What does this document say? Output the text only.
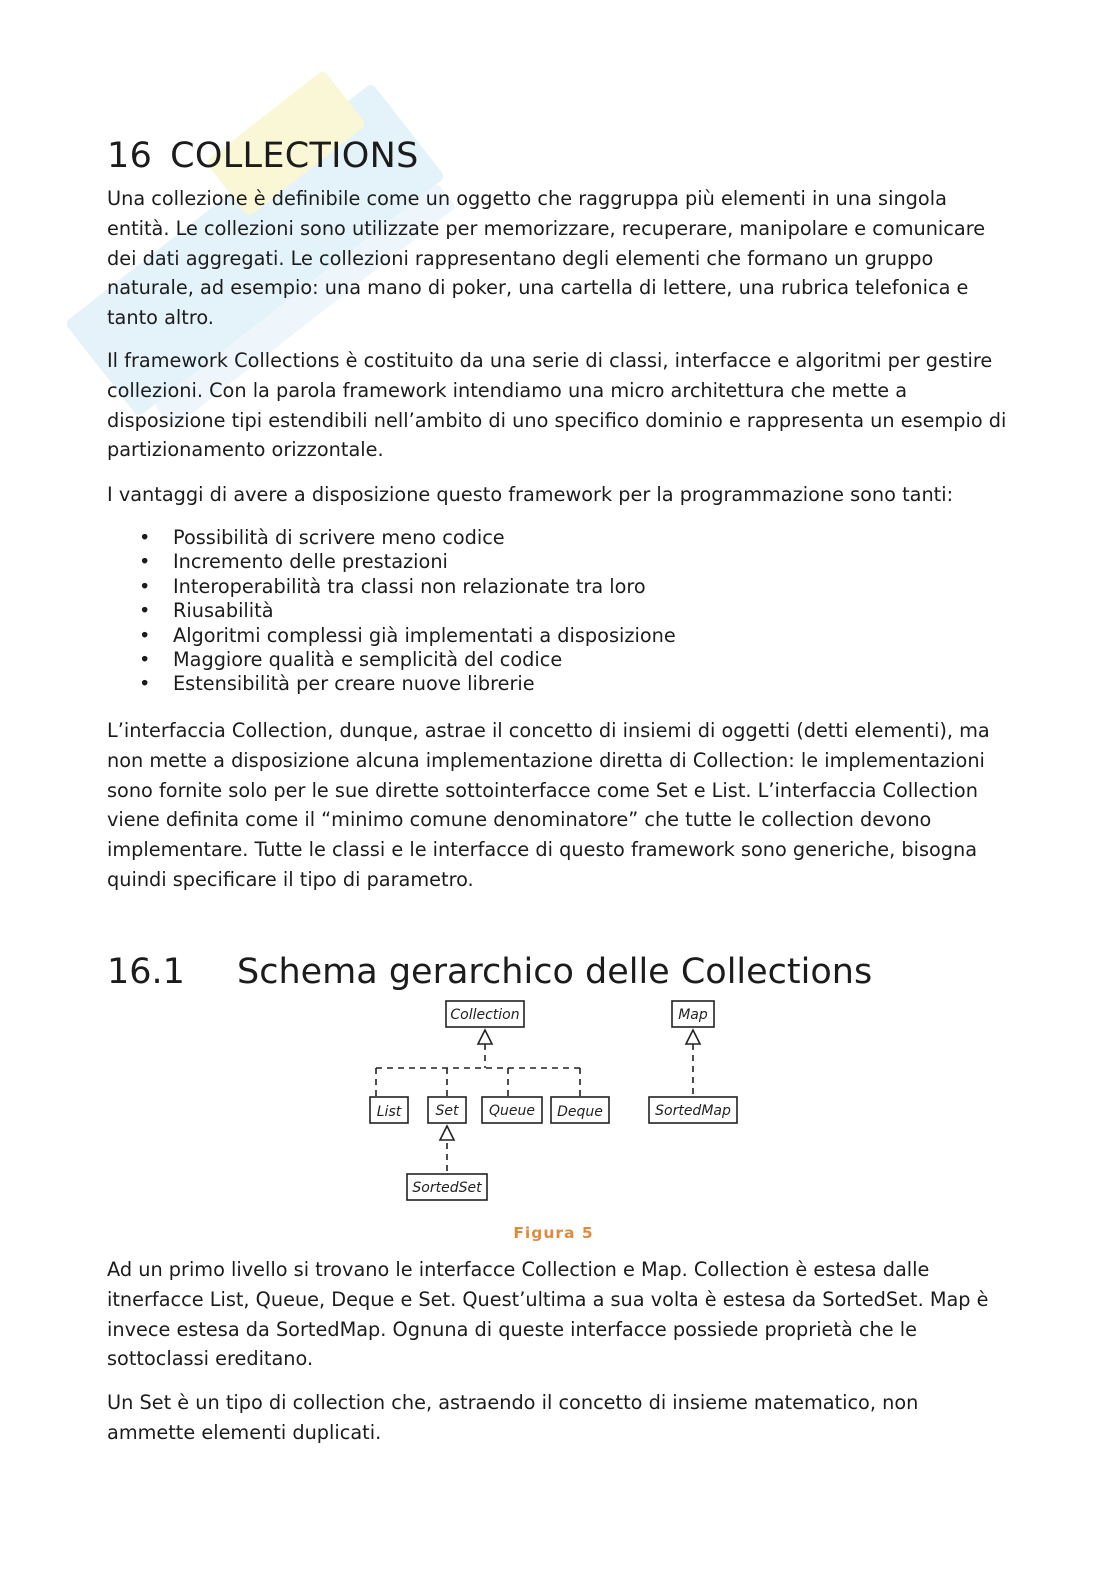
16 COLLECTIONS

Una collezione è definibile come un oggetto che raggruppa più elementi in una singola entità. Le collezioni sono utilizzate per memorizzare, recuperare, manipolare e comunicare dei dati aggregati. Le collezioni rappresentano degli elementi che formano un gruppo naturale, ad esempio: una mano di poker, una cartella di lettere, una rubrica telefonica e tanto altro.

Il framework Collections è costituito da una serie di classi, interfacce e algoritmi per gestire collezioni. Con la parola framework intendiamo una micro architettura che mette a disposizione tipi estendibili nell’ambito di uno specifico dominio e rappresenta un esempio di partizionamento orizzontale.

I vantaggi di avere a disposizione questo framework per la programmazione sono tanti:

• Possibilità di scrivere meno codice
• Incremento delle prestazioni
• Interoperabilità tra classi non relazionate tra loro
• Riusabilità
• Algoritmi complessi già implementati a disposizione
• Maggiore qualità e semplicità del codice
• Estensibilità per creare nuove librerie

L’interfaccia Collection, dunque, astrae il concetto di insiemi di oggetti (detti elementi), ma non mette a disposizione alcuna implementazione diretta di Collection: le implementazioni sono fornite solo per le sue dirette sottointerfacce come Set e List. L’interfaccia Collection viene definita come il “minimo comune denominatore” che tutte le collection devono implementare. Tutte le classi e le interfacce di questo framework sono generiche, bisogna quindi specificare il tipo di parametro.

16.1 Schema gerarchico delle Collections
Collection	Map
List Set Queue Deque	SortedMap
SortedSet
Figura 5

Ad un primo livello si trovano le interfacce Collection e Map. Collection è estesa dalle itnerfacce List, Queue, Deque e Set. Quest’ultima a sua volta è estesa da SortedSet. Map è invece estesa da SortedMap. Ognuna di queste interfacce possiede proprietà che le sottoclassi ereditano.

Un Set è un tipo di collection che, astraendo il concetto di insieme matematico, non ammette elementi duplicati.
